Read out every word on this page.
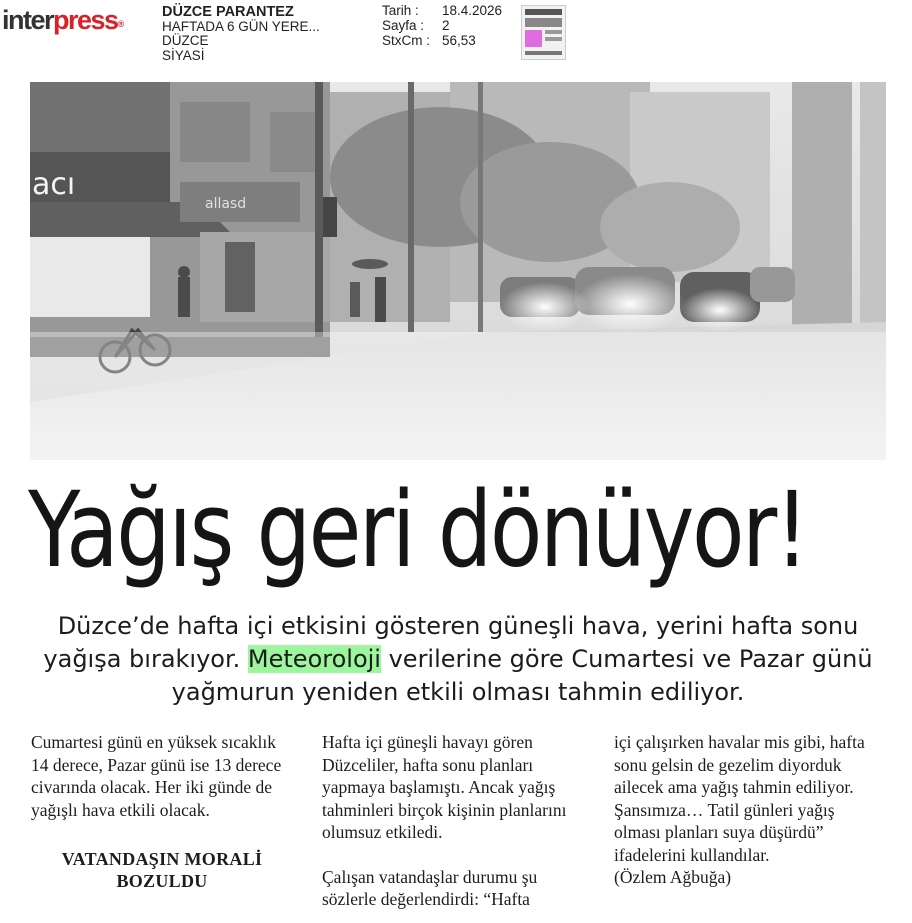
interpress®
DÜZCE PARANTEZ
HAFTADA 6 GÜN YERE...
DÜZCE
SİYASİ
Tarih : 18.4.2026
Sayfa : 2
StxCm : 56,53
acı
allasd
Yağış geri dönüyor!
Düzce’de hafta içi etkisini gösteren güneşli hava, yerini hafta sonu yağışa bırakıyor. Meteoroloji verilerine göre Cumartesi ve Pazar günü yağmurun yeniden etkili olması tahmin ediliyor.

Cumartesi günü en yüksek sıcaklık 14 derece, Pazar günü ise 13 derece civarında olacak. Her iki günde de yağışlı hava etkili olacak.

VATANDAŞIN MORALİ BOZULDU

Hafta içi güneşli havayı gören Düzceliler, hafta sonu planları yapmaya başlamıştı. Ancak yağış tahminleri birçok kişinin planlarını olumsuz etkiledi.

Çalışan vatandaşlar durumu şu sözlerle değerlendirdi: “Hafta

içi çalışırken havalar mis gibi, hafta sonu gelsin de gezelim diyorduk ailecek ama yağış tahmin ediliyor. Şansımıza… Tatil günleri yağış olması planları suya düşürdü” ifadelerini kullandılar.

(Özlem Ağbuğa)
